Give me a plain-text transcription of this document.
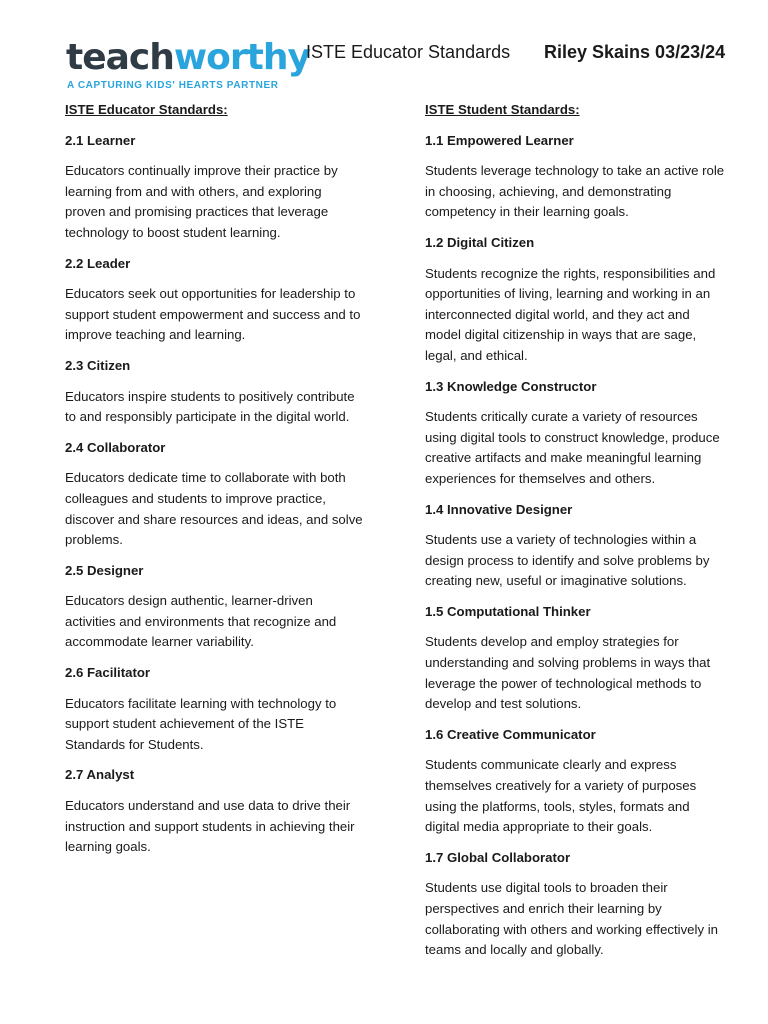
teachworthy
A CAPTURING KIDS' HEARTS PARTNER
ISTE Educator Standards Riley Skains 03/23/24
ISTE Educator Standards:
2.1 Learner
Educators continually improve their practice by learning from and with others, and exploring proven and promising practices that leverage technology to boost student learning.
2.2 Leader
Educators seek out opportunities for leadership to support student empowerment and success and to improve teaching and learning.
2.3 Citizen
Educators inspire students to positively contribute to and responsibly participate in the digital world.
2.4 Collaborator
Educators dedicate time to collaborate with both colleagues and students to improve practice, discover and share resources and ideas, and solve problems.
2.5 Designer
Educators design authentic, learner-driven activities and environments that recognize and accommodate learner variability.
2.6 Facilitator
Educators facilitate learning with technology to support student achievement of the ISTE Standards for Students.
2.7 Analyst
Educators understand and use data to drive their instruction and support students in achieving their learning goals.
ISTE Student Standards:
1.1 Empowered Learner
Students leverage technology to take an active role in choosing, achieving, and demonstrating competency in their learning goals.
1.2 Digital Citizen
Students recognize the rights, responsibilities and opportunities of living, learning and working in an interconnected digital world, and they act and model digital citizenship in ways that are sage, legal, and ethical.
1.3 Knowledge Constructor
Students critically curate a variety of resources using digital tools to construct knowledge, produce creative artifacts and make meaningful learning experiences for themselves and others.
1.4 Innovative Designer
Students use a variety of technologies within a design process to identify and solve problems by creating new, useful or imaginative solutions.
1.5 Computational Thinker
Students develop and employ strategies for understanding and solving problems in ways that leverage the power of technological methods to develop and test solutions.
1.6 Creative Communicator
Students communicate clearly and express themselves creatively for a variety of purposes using the platforms, tools, styles, formats and digital media appropriate to their goals.
1.7 Global Collaborator
Students use digital tools to broaden their perspectives and enrich their learning by collaborating with others and working effectively in teams and locally and globally.
